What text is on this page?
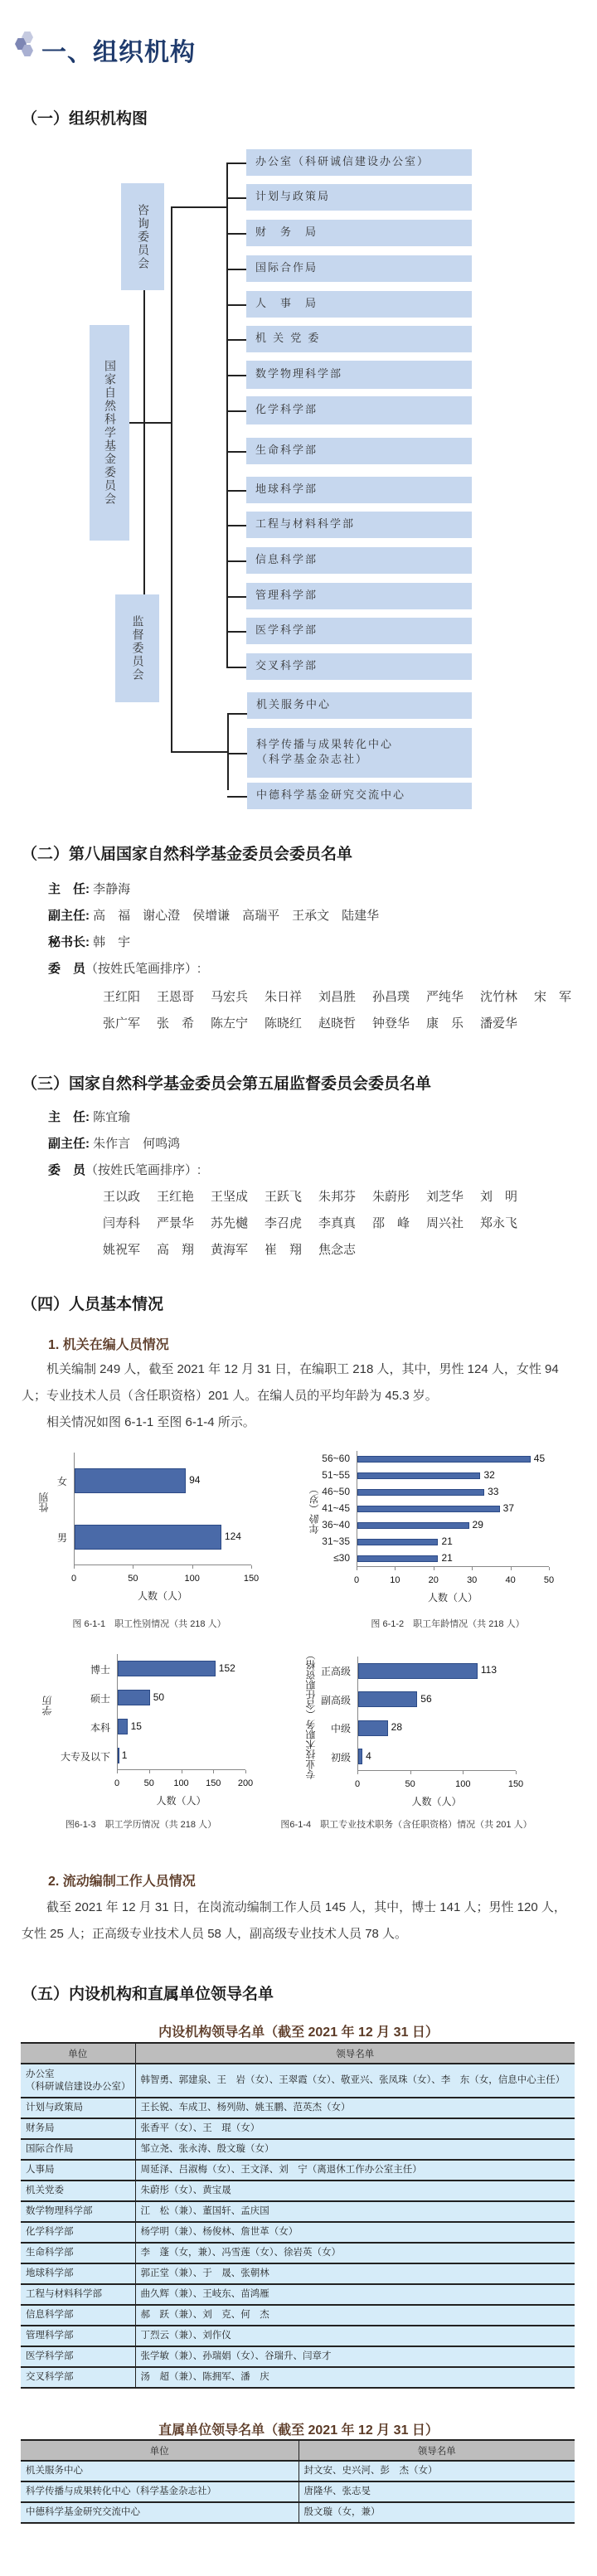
一、组织机构
（一）组织机构图
咨询委员会
国家自然科学基金委员会
监督委员会
办公室（科研诚信建设办公室）
计划与政策局
财　务　局
国际合作局
人　事　局
机 关 党 委
数学物理科学部
化学科学部
生命科学部
地球科学部
工程与材料科学部
信息科学部
管理科学部
医学科学部
交叉科学部
机关服务中心
科学传播与成果转化中心
（科学基金杂志社）
中德科学基金研究交流中心
（二）第八届国家自然科学基金委员会委员名单
主　任: 李静海
副主任: 高　福　谢心澄　侯增谦　高瑞平　王承文　陆建华
秘书长: 韩　宇
委　员（按姓氏笔画排序）:
王红阳	王恩哥	马宏兵	朱日祥	刘昌胜	孙昌璞	严纯华	沈竹林	宋　军
张广军	张　希	陈左宁	陈晓红	赵晓哲	钟登华	康　乐	潘爱华
（三）国家自然科学基金委员会第五届监督委员会委员名单
主　任: 陈宜瑜
副主任: 朱作言　何鸣鸿
委　员（按姓氏笔画排序）:
王以政	王红艳	王坚成	王跃飞	朱邦芬	朱蔚彤	刘芝华	刘　明
闫寿科	严景华	苏先樾	李召虎	李真真	邵　峰	周兴社	郑永飞
姚祝军	高　翔	黄海军	崔　翔	焦念志
（四）人员基本情况
1. 机关在编人员情况
机关编制 249 人，截至 2021 年 12 月 31 日，在编职工 218 人，其中，男性 124 人，女性 94 人；专业技术人员（含任职资格）201 人。在编人员的平均年龄为 45.3 岁。
相关情况如图 6-1-1 至图 6-1-4 所示。
94
124
女
男
0	50	100	150
人数（人）
性别
图 6-1-1　职工性别情况（共 218 人）
45
32
33
37
29
21
21
56~60
51~55
46~50
41~45
36~40
31~35
≤30
0	10	20	30	40	50
人数（人）
年龄（岁）
图 6-1-2　职工年龄情况（共 218 人）
152
50
15
1
博士
硕士
本科
大专及以下
0	50 100 150 200
人数（人）
学历
图6-1-3　职工学历情况（共 218 人）
113
56
28
4
正高级
副高级
中级
初级
0	50	100	150
人数（人）
专业技术职务（含任职资格）
图6-1-4　职工专业技术职务（含任职资格）情况（共 201 人）
2. 流动编制工作人员情况
截至 2021 年 12 月 31 日，在岗流动编制工作人员 145 人，其中，博士 141 人；男性 120 人，女性 25 人；正高级专业技术人员 58 人，副高级专业技术人员 78 人。
（五）内设机构和直属单位领导名单
内设机构领导名单（截至 2021 年 12 月 31 日）
单位	领导名单

办公室
（科研诚信建设办公室）	韩智勇、郭建泉、王　岩（女）、王翠霞（女）、敬亚兴、张凤珠（女）、李　东（女，信息中心主任）

计划与政策局	王长锐、车成卫、杨列勋、姚玉鹏、范英杰（女）

财务局	张香平（女）、王　琨（女）

国际合作局	邹立尧、张永涛、殷文璇（女）

人事局	周延泽、吕淑梅（女）、王文泽、刘　宁（离退休工作办公室主任）

机关党委	朱蔚彤（女）、黄宝晟

数学物理科学部	江　松（兼）、董国轩、孟庆国

化学科学部	杨学明（兼）、杨俊林、詹世革（女）

生命科学部	李　蓬（女，兼）、冯雪莲（女）、徐岩英（女）

地球科学部	郭正堂（兼）、于　晟、张朝林

工程与材料科学部	曲久辉（兼）、王岐东、苗鸿雁

信息科学部	郝　跃（兼）、刘　克、何　杰

管理科学部	丁烈云（兼）、刘作仪

医学科学部	张学敏（兼）、孙瑞娟（女）、谷瑞升、闫章才

交叉科学部	汤　超（兼）、陈拥军、潘　庆
直属单位领导名单（截至 2021 年 12 月 31 日）
单位	领导名单

机关服务中心	封文安、史兴河、彭　杰（女）

科学传播与成果转化中心（科学基金杂志社）	唐隆华、张志旻

中德科学基金研究交流中心	殷文璇（女，兼）
